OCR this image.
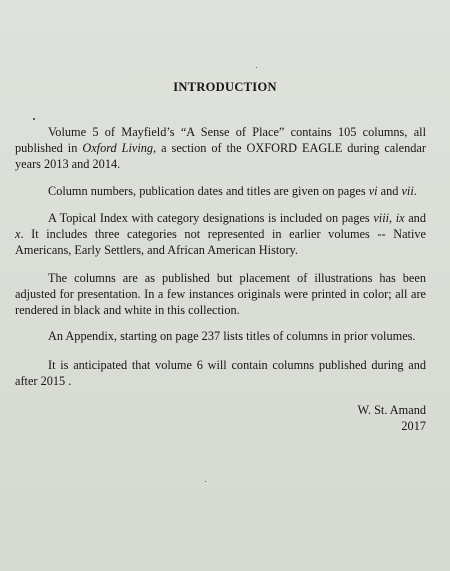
INTRODUCTION

Volume 5 of Mayfield’s “A Sense of Place” contains 105 columns, all published in Oxford Living, a section of the OXFORD EAGLE during calendar years 2013 and 2014.

Column numbers, publication dates and titles are given on pages vi and vii.

A Topical Index with category designations is included on pages viii, ix and x. It includes three categories not represented in earlier volumes -- Native Americans, Early Settlers, and African American History.

The columns are as published but placement of illustrations has been adjusted for presentation. In a few instances originals were printed in color; all are rendered in black and white in this collection.

An Appendix, starting on page 237 lists titles of columns in prior volumes.

It is anticipated that volume 6 will contain columns published during and after 2015 .

W. St. Amand
2017
